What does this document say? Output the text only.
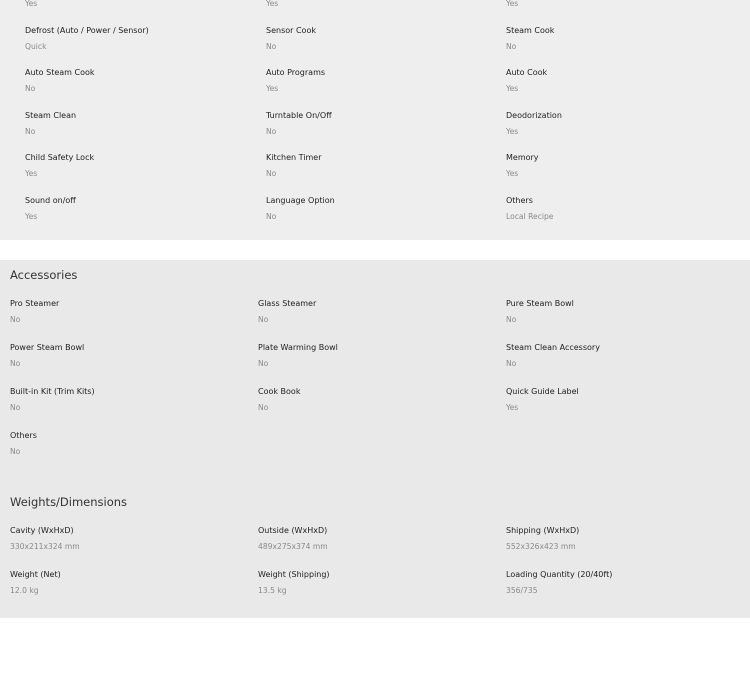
Yes	Yes	Yes
Defrost (Auto / Power / Sensor)
Quick
Sensor Cook
No
Steam Cook
No
Auto Steam Cook
No
Auto Programs
Yes
Auto Cook
Yes
Steam Clean
No
Turntable On/Off
No
Deodorization
Yes
Child Safety Lock
Yes
Kitchen Timer
No
Memory
Yes
Sound on/off
Yes
Language Option
No
Others
Local Recipe
Accessories
Pro Steamer
No
Glass Steamer
No
Pure Steam Bowl
No
Power Steam Bowl
No
Plate Warming Bowl
No
Steam Clean Accessory
No
Built-in Kit (Trim Kits)
No
Cook Book
No
Quick Guide Label
Yes
Others
No
Weights/Dimensions
Cavity (WxHxD)
330x211x324 mm
Outside (WxHxD)
489x275x374 mm
Shipping (WxHxD)
552x326x423 mm
Weight (Net)
12.0 kg
Weight (Shipping)
13.5 kg
Loading Quantity (20/40ft)
356/735
